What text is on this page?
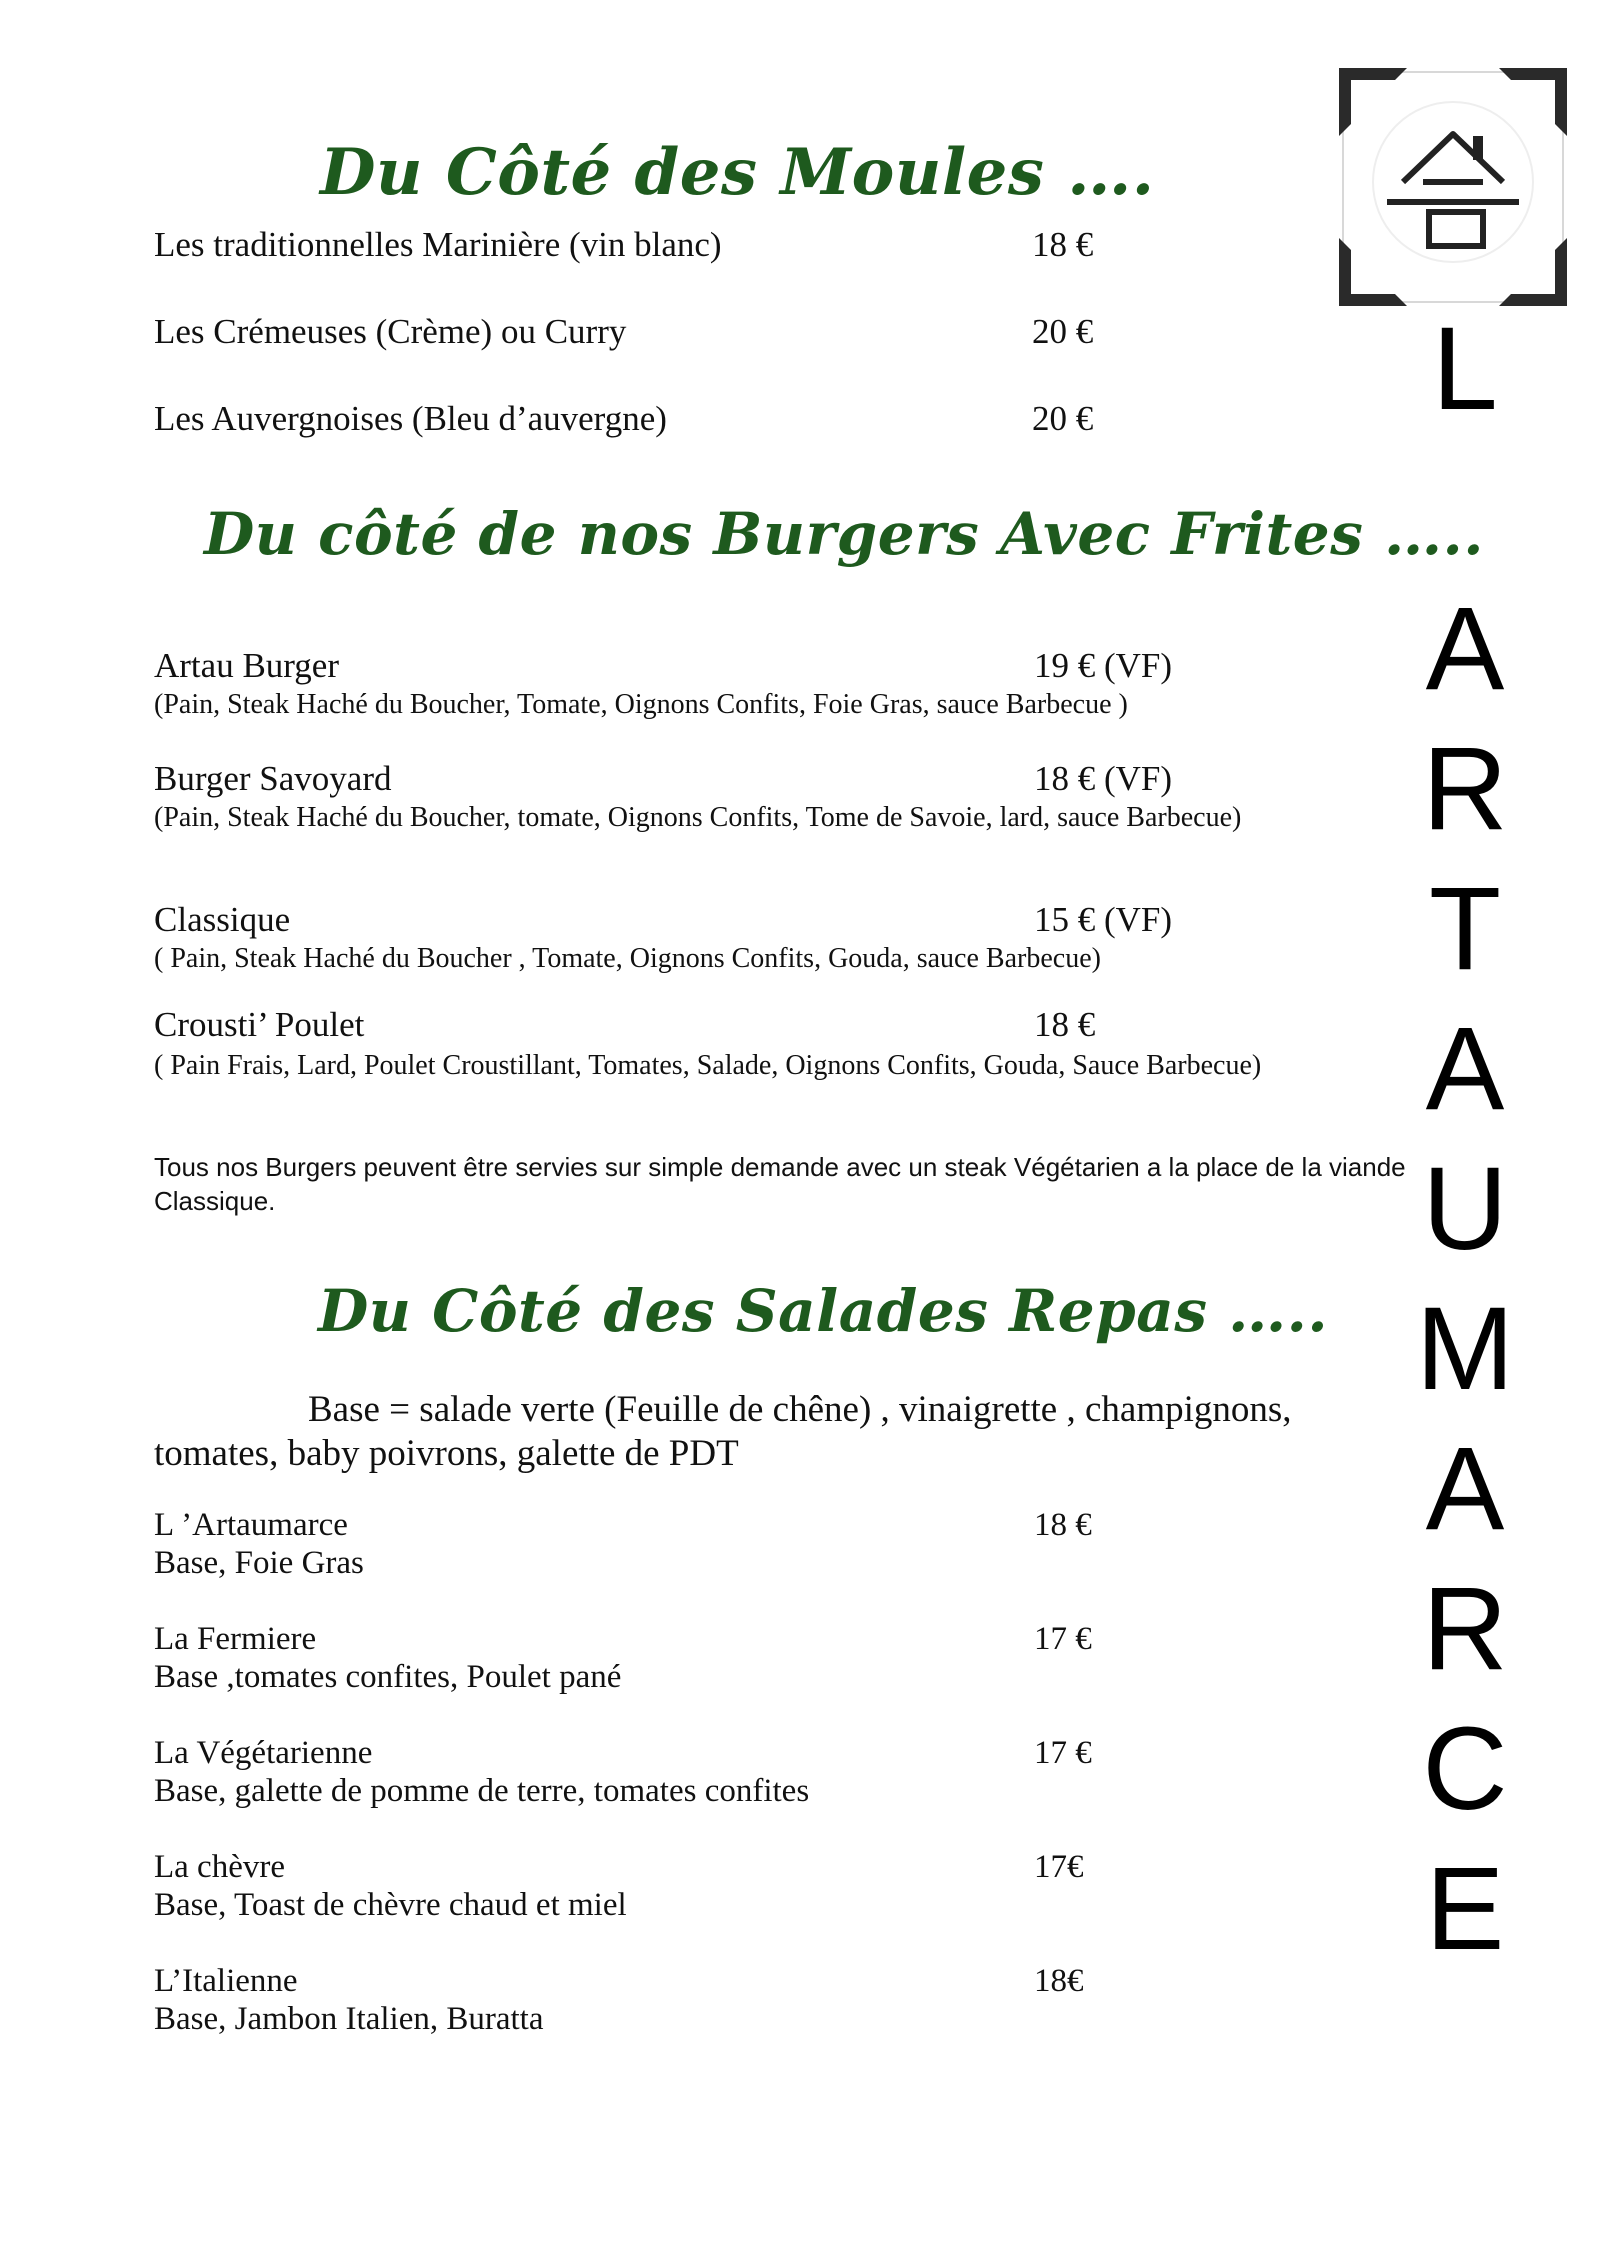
Du Côté des Moules ….
Les traditionnelles Marinière (vin blanc)	18 €
Les Crémeuses (Crème) ou Curry	20 €
Les Auvergnoises (Bleu d’auvergne)	20 €
Du côté de nos Burgers Avec Frites …..
Artau Burger	19 € (VF)
(Pain, Steak Haché du Boucher, Tomate, Oignons Confits, Foie Gras, sauce Barbecue )
Burger Savoyard	18 € (VF)
(Pain, Steak Haché du Boucher, tomate, Oignons Confits, Tome de Savoie, lard, sauce Barbecue)
Classique	15 € (VF)
( Pain, Steak Haché du Boucher , Tomate, Oignons Confits, Gouda, sauce Barbecue)
Crousti’ Poulet	18 €
( Pain Frais, Lard, Poulet Croustillant, Tomates, Salade, Oignons Confits, Gouda, Sauce Barbecue)
Tous nos Burgers peuvent être servies sur simple demande avec un steak Végétarien a la place de la viande Classique.
Du Côté des Salades Repas …..
Base = salade verte (Feuille de chêne) , vinaigrette , champignons, tomates, baby poivrons, galette de PDT
L ’Artaumarce	18 €
Base, Foie Gras
La Fermiere	17 €
Base ,tomates confites, Poulet pané
La Végétarienne	17 €
Base, galette de pomme de terre, tomates confites
La chèvre	17€
Base, Toast de chèvre chaud et miel
L’Italienne	18€
Base, Jambon Italien, Buratta
L
A
R
T
A
U
M
A
R
C
E
